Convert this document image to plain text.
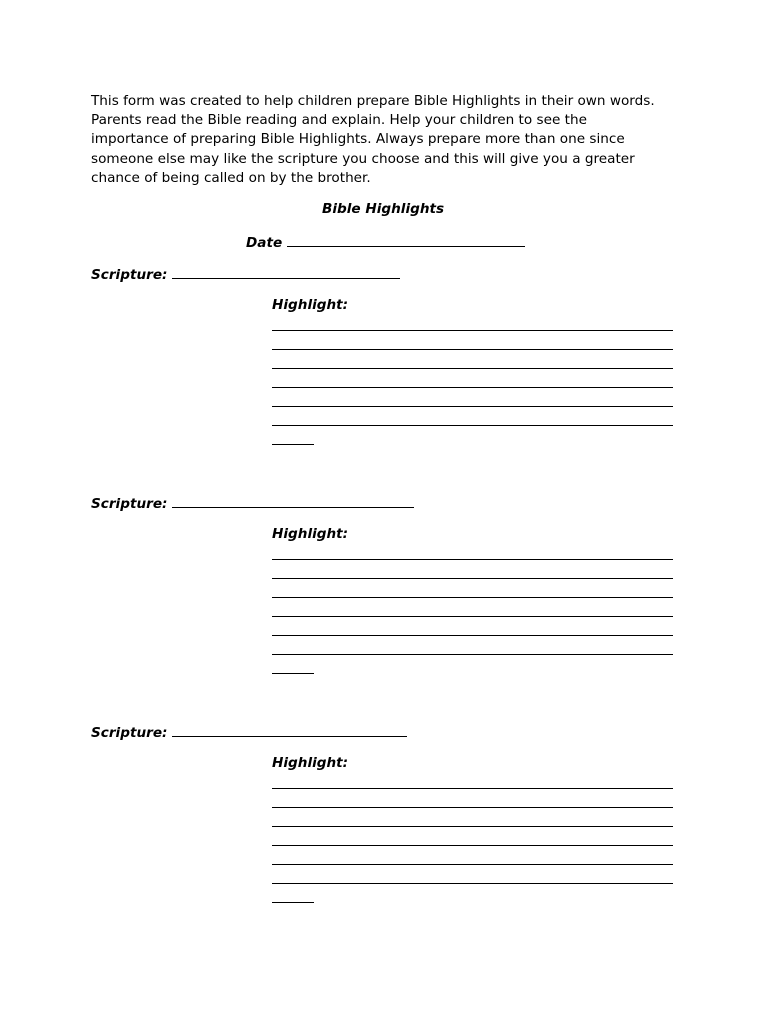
This form was created to help children prepare Bible Highlights in their own words.
Parents read the Bible reading and explain. Help your children to see the
importance of preparing Bible Highlights. Always prepare more than one since
someone else may like the scripture you choose and this will give you a greater
chance of being called on by the brother.
Bible Highlights
Date
Scripture:
Highlight:
Scripture:
Highlight:
Scripture:
Highlight:
